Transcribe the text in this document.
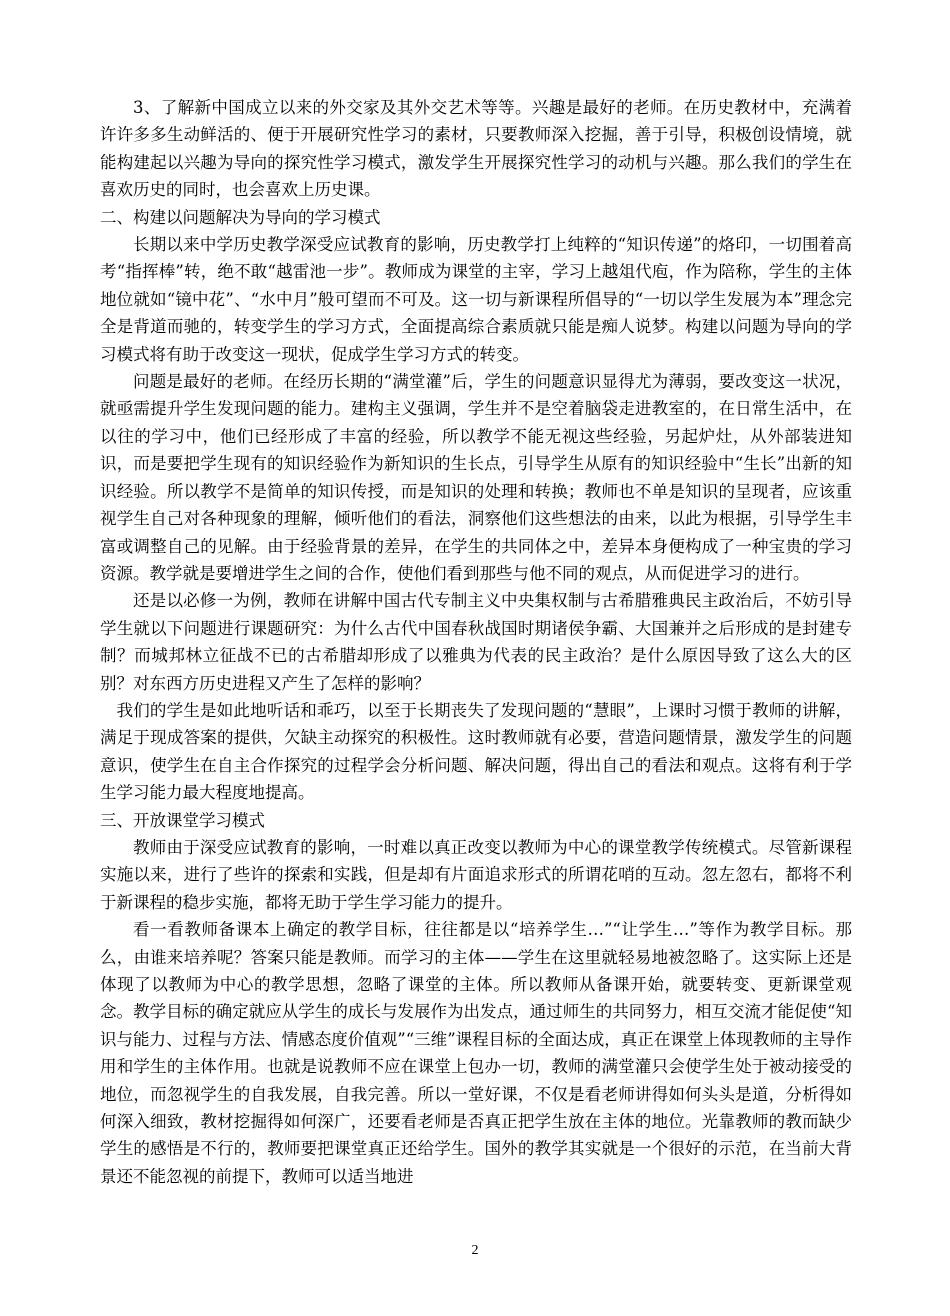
3、了解新中国成立以来的外交家及其外交艺术等等。兴趣是最好的老师。在历史教材中，充满着许许多多生动鲜活的、便于开展研究性学习的素材，只要教师深入挖掘，善于引导，积极创设情境，就能构建起以兴趣为导向的探究性学习模式，激发学生开展探究性学习的动机与兴趣。那么我们的学生在喜欢历史的同时，也会喜欢上历史课。

二、构建以问题解决为导向的学习模式

长期以来中学历史教学深受应试教育的影响，历史教学打上纯粹的“知识传递”的烙印，一切围着高考“指挥棒”转，绝不敢“越雷池一步”。教师成为课堂的主宰，学习上越俎代庖，作为陪称，学生的主体地位就如“镜中花”、“水中月”般可望而不可及。这一切与新课程所倡导的“一切以学生发展为本”理念完全是背道而驰的，转变学生的学习方式，全面提高综合素质就只能是痴人说梦。构建以问题为导向的学习模式将有助于改变这一现状，促成学生学习方式的转变。

问题是最好的老师。在经历长期的“满堂灌”后，学生的问题意识显得尤为薄弱，要改变这一状况，就亟需提升学生发现问题的能力。建构主义强调，学生并不是空着脑袋走进教室的，在日常生活中，在以往的学习中，他们已经形成了丰富的经验，所以教学不能无视这些经验，另起炉灶，从外部装进知识，而是要把学生现有的知识经验作为新知识的生长点，引导学生从原有的知识经验中“生长”出新的知识经验。所以教学不是简单的知识传授，而是知识的处理和转换；教师也不单是知识的呈现者，应该重视学生自己对各种现象的理解，倾听他们的看法，洞察他们这些想法的由来，以此为根据，引导学生丰富或调整自己的见解。由于经验背景的差异，在学生的共同体之中，差异本身便构成了一种宝贵的学习资源。教学就是要增进学生之间的合作，使他们看到那些与他不同的观点，从而促进学习的进行。

还是以必修一为例，教师在讲解中国古代专制主义中央集权制与古希腊雅典民主政治后，不妨引导学生就以下问题进行课题研究：为什么古代中国春秋战国时期诸侯争霸、大国兼并之后形成的是封建专制？而城邦林立征战不已的古希腊却形成了以雅典为代表的民主政治？是什么原因导致了这么大的区别？对东西方历史进程又产生了怎样的影响？

我们的学生是如此地听话和乖巧，以至于长期丧失了发现问题的“慧眼”，上课时习惯于教师的讲解，满足于现成答案的提供，欠缺主动探究的积极性。这时教师就有必要，营造问题情景，激发学生的问题意识，使学生在自主合作探究的过程学会分析问题、解决问题，得出自己的看法和观点。这将有利于学生学习能力最大程度地提高。

三、开放课堂学习模式

教师由于深受应试教育的影响，一时难以真正改变以教师为中心的课堂教学传统模式。尽管新课程实施以来，进行了些许的探索和实践，但是却有片面追求形式的所谓花哨的互动。忽左忽右，都将不利于新课程的稳步实施，都将无助于学生学习能力的提升。

看一看教师备课本上确定的教学目标，往往都是以“培养学生…”“让学生…”等作为教学目标。那么，由谁来培养呢？答案只能是教师。而学习的主体——学生在这里就轻易地被忽略了。这实际上还是体现了以教师为中心的教学思想，忽略了课堂的主体。所以教师从备课开始，就要转变、更新课堂观念。教学目标的确定就应从学生的成长与发展作为出发点，通过师生的共同努力，相互交流才能促使“知识与能力、过程与方法、情感态度价值观”“三维”课程目标的全面达成，真正在课堂上体现教师的主导作用和学生的主体作用。也就是说教师不应在课堂上包办一切，教师的满堂灌只会使学生处于被动接受的地位，而忽视学生的自我发展，自我完善。所以一堂好课，不仅是看老师讲得如何头头是道，分析得如何深入细致，教材挖掘得如何深广，还要看老师是否真正把学生放在主体的地位。光靠教师的教而缺少学生的感悟是不行的，教师要把课堂真正还给学生。国外的教学其实就是一个很好的示范，在当前大背景还不能忽视的前提下，教师可以适当地进

2
